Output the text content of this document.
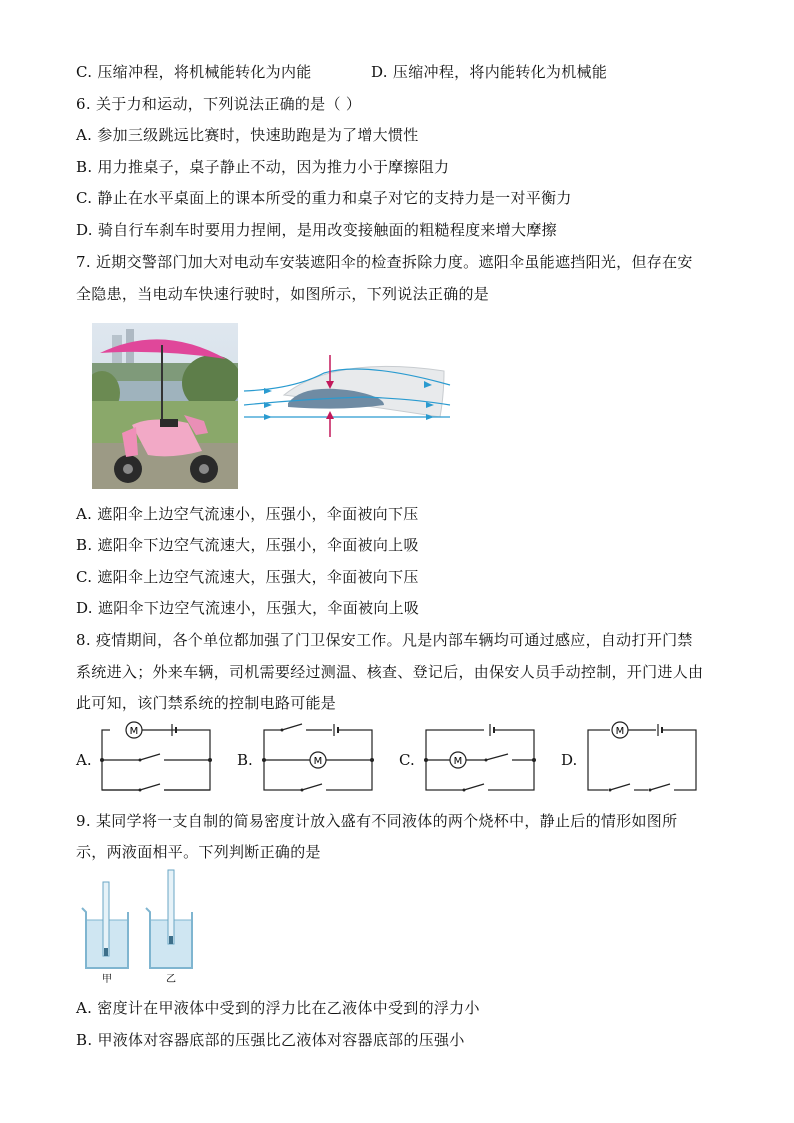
C. 压缩冲程，将机械能转化为内能	D. 压缩冲程，将内能转化为机械能
6. 关于力和运动，下列说法正确的是（ ）
A. 参加三级跳远比赛时，快速助跑是为了增大惯性
B. 用力推桌子，桌子静止不动，因为推力小于摩擦阻力
C. 静止在水平桌面上的课本所受的重力和桌子对它的支持力是一对平衡力
D. 骑自行车刹车时要用力捏闸，是用改变接触面的粗糙程度来增大摩擦
7. 近期交警部门加大对电动车安装遮阳伞的检查拆除力度。遮阳伞虽能遮挡阳光，但存在安
全隐患，当电动车快速行驶时，如图所示，下列说法正确的是
A. 遮阳伞上边空气流速小，压强小，伞面被向下压
B. 遮阳伞下边空气流速大，压强小，伞面被向上吸
C. 遮阳伞上边空气流速大，压强大，伞面被向下压
D. 遮阳伞下边空气流速小，压强大，伞面被向上吸
8. 疫情期间，各个单位都加强了门卫保安工作。凡是内部车辆均可通过感应，自动打开门禁
系统进入；外来车辆，司机需要经过测温、核查、登记后，由保安人员手动控制，开门进人由
此可知，该门禁系统的控制电路可能是
A.
M
B.	M	C.	M	D.
M
9. 某同学将一支自制的简易密度计放入盛有不同液体的两个烧杯中，静止后的情形如图所
示，两液面相平。下列判断正确的是
甲	乙
A. 密度计在甲液体中受到的浮力比在乙液体中受到的浮力小
B. 甲液体对容器底部的压强比乙液体对容器底部的压强小
